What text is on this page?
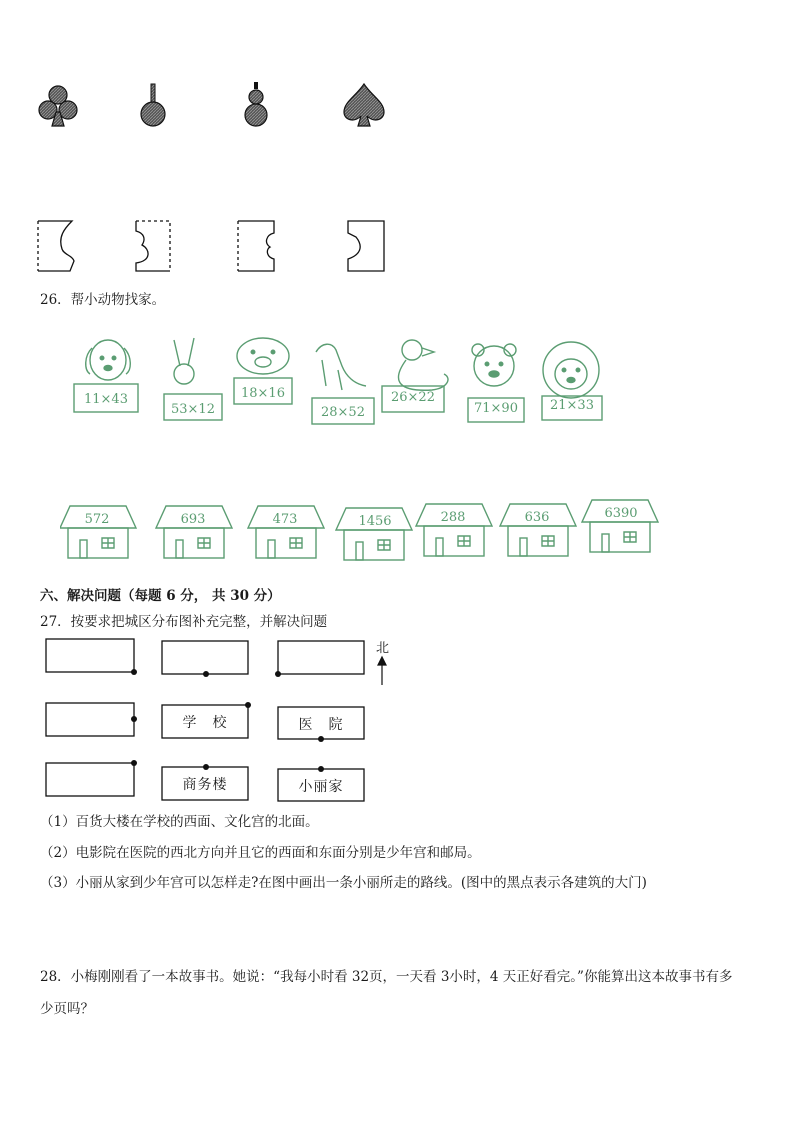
26．帮小动物找家。
11×43
53×12
18×16
28×52
26×22
71×90	21×33
572	693	473	1456	288	636	6390
六、解决问题（每题 6 分， 共 30 分）
27．按要求把城区分布图补充完整，并解决问题
北
学　校	医　院
商务楼	小丽家
（1）百货大楼在学校的西面、文化宫的北面。
（2）电影院在医院的西北方向并且它的西面和东面分别是少年宫和邮局。
（3）小丽从家到少年宫可以怎样走?在图中画出一条小丽所走的路线。(图中的黑点表示各建筑的大门)
28．小梅刚刚看了一本故事书。她说：“我每小时看 32页，一天看 3小时，4 天正好看完。”你能算出这本故事书有多
少页吗？
